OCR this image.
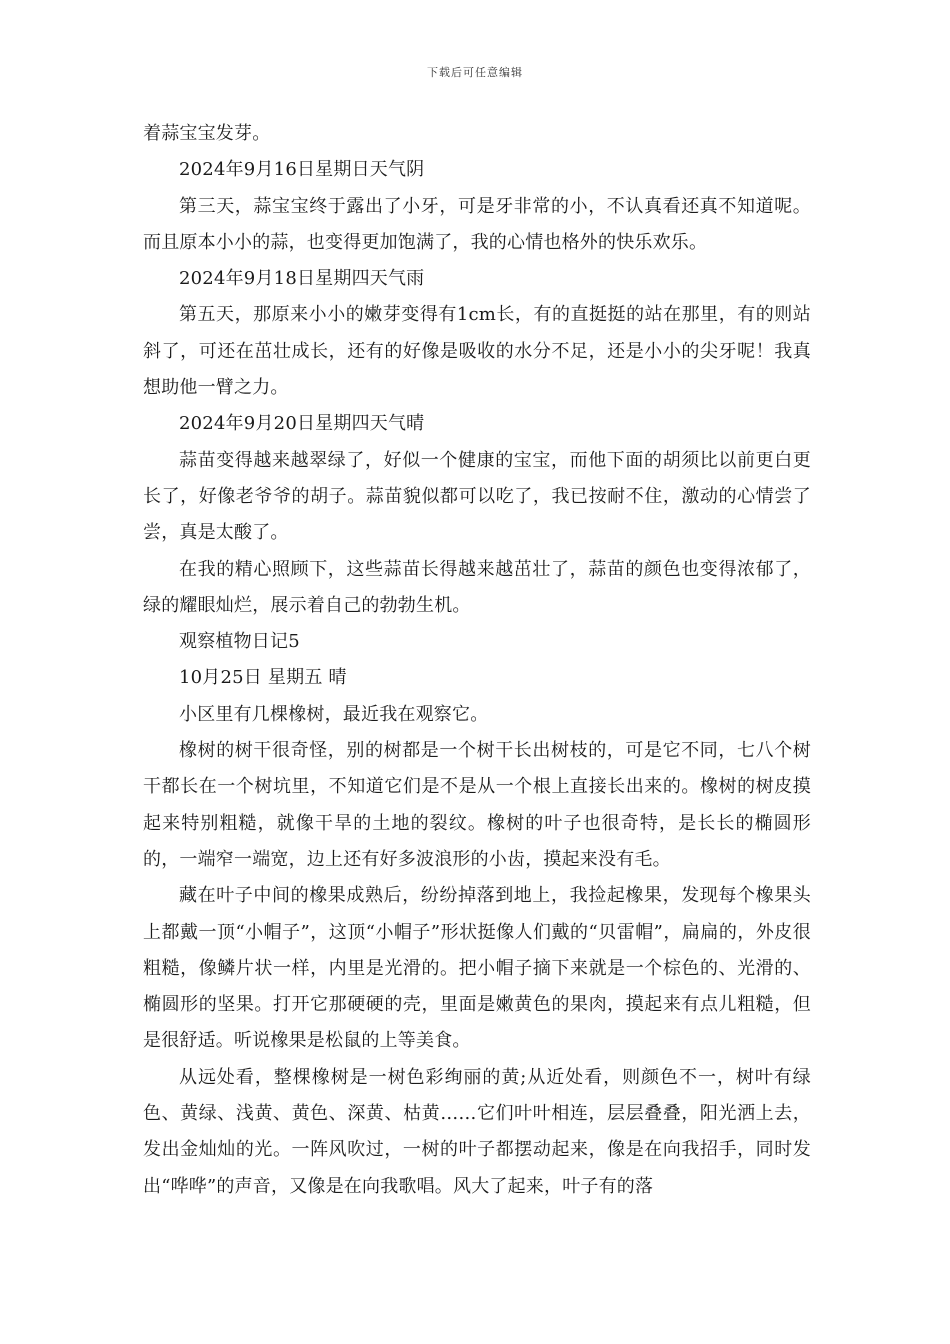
下载后可任意编辑

着蒜宝宝发芽。

2024年9月16日星期日天气阴

第三天，蒜宝宝终于露出了小牙，可是牙非常的小，不认真看还真不知道呢。而且原本小小的蒜，也变得更加饱满了，我的心情也格外的快乐欢乐。

2024年9月18日星期四天气雨

第五天，那原来小小的嫩芽变得有1cm长，有的直挺挺的站在那里，有的则站斜了，可还在茁壮成长，还有的好像是吸收的水分不足，还是小小的尖牙呢！我真想助他一臂之力。

2024年9月20日星期四天气晴

蒜苗变得越来越翠绿了，好似一个健康的宝宝，而他下面的胡须比以前更白更长了，好像老爷爷的胡子。蒜苗貌似都可以吃了，我已按耐不住，激动的心情尝了尝，真是太酸了。

在我的精心照顾下，这些蒜苗长得越来越茁壮了，蒜苗的颜色也变得浓郁了，绿的耀眼灿烂，展示着自己的勃勃生机。

观察植物日记5

10月25日 星期五 晴

小区里有几棵橡树，最近我在观察它。

橡树的树干很奇怪，别的树都是一个树干长出树枝的，可是它不同，七八个树干都长在一个树坑里，不知道它们是不是从一个根上直接长出来的。橡树的树皮摸起来特别粗糙，就像干旱的土地的裂纹。橡树的叶子也很奇特，是长长的椭圆形的，一端窄一端宽，边上还有好多波浪形的小齿，摸起来没有毛。

藏在叶子中间的橡果成熟后，纷纷掉落到地上，我捡起橡果，发现每个橡果头上都戴一顶“小帽子”，这顶“小帽子”形状挺像人们戴的“贝雷帽”，扁扁的，外皮很粗糙，像鳞片状一样，内里是光滑的。把小帽子摘下来就是一个棕色的、光滑的、椭圆形的坚果。打开它那硬硬的壳，里面是嫩黄色的果肉，摸起来有点儿粗糙，但是很舒适。听说橡果是松鼠的上等美食。

从远处看，整棵橡树是一树色彩绚丽的黄;从近处看，则颜色不一，树叶有绿色、黄绿、浅黄、黄色、深黄、枯黄……它们叶叶相连，层层叠叠，阳光洒上去，发出金灿灿的光。一阵风吹过，一树的叶子都摆动起来，像是在向我招手，同时发出“哗哗”的声音，又像是在向我歌唱。风大了起来，叶子有的落
